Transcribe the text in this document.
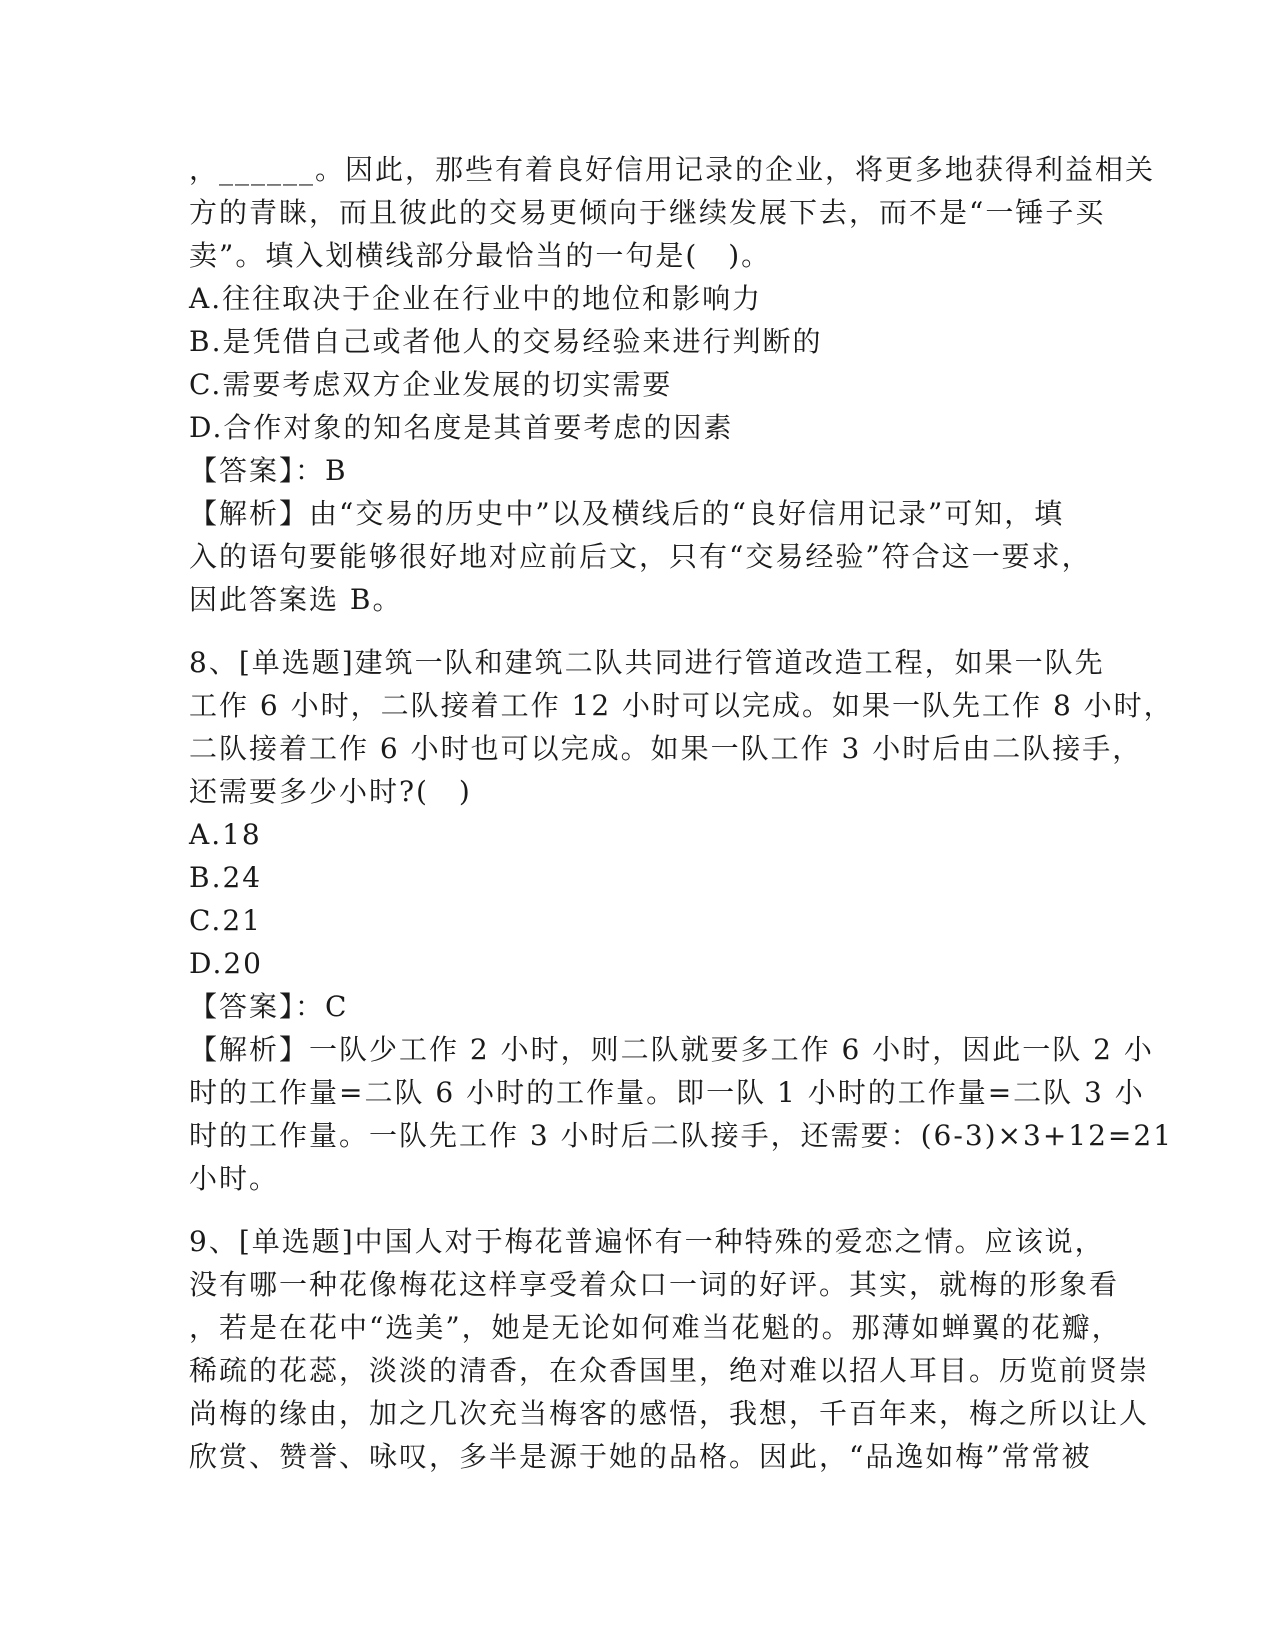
，______。因此，那些有着良好信用记录的企业，将更多地获得利益相关
方的青睐，而且彼此的交易更倾向于继续发展下去，而不是“一锤子买
卖”。填入划横线部分最恰当的一句是(　)。
A.往往取决于企业在行业中的地位和影响力
B.是凭借自己或者他人的交易经验来进行判断的
C.需要考虑双方企业发展的切实需要
D.合作对象的知名度是其首要考虑的因素
【答案】：B
【解析】由“交易的历史中”以及横线后的“良好信用记录”可知，填
入的语句要能够很好地对应前后文，只有“交易经验”符合这一要求，
因此答案选 B。
8、[单选题]建筑一队和建筑二队共同进行管道改造工程，如果一队先
工作 6 小时，二队接着工作 12 小时可以完成。如果一队先工作 8 小时，
二队接着工作 6 小时也可以完成。如果一队工作 3 小时后由二队接手，
还需要多少小时?(　)
A.18
B.24
C.21
D.20
【答案】：C
【解析】一队少工作 2 小时，则二队就要多工作 6 小时，因此一队 2 小
时的工作量=二队 6 小时的工作量。即一队 1 小时的工作量=二队 3 小
时的工作量。一队先工作 3 小时后二队接手，还需要：(6-3)×3+12=21
小时。
9、[单选题]中国人对于梅花普遍怀有一种特殊的爱恋之情。应该说，
没有哪一种花像梅花这样享受着众口一词的好评。其实，就梅的形象看
，若是在花中“选美”，她是无论如何难当花魁的。那薄如蝉翼的花瓣，
稀疏的花蕊，淡淡的清香，在众香国里，绝对难以招人耳目。历览前贤崇
尚梅的缘由，加之几次充当梅客的感悟，我想，千百年来，梅之所以让人
欣赏、赞誉、咏叹，多半是源于她的品格。因此，“品逸如梅”常常被
